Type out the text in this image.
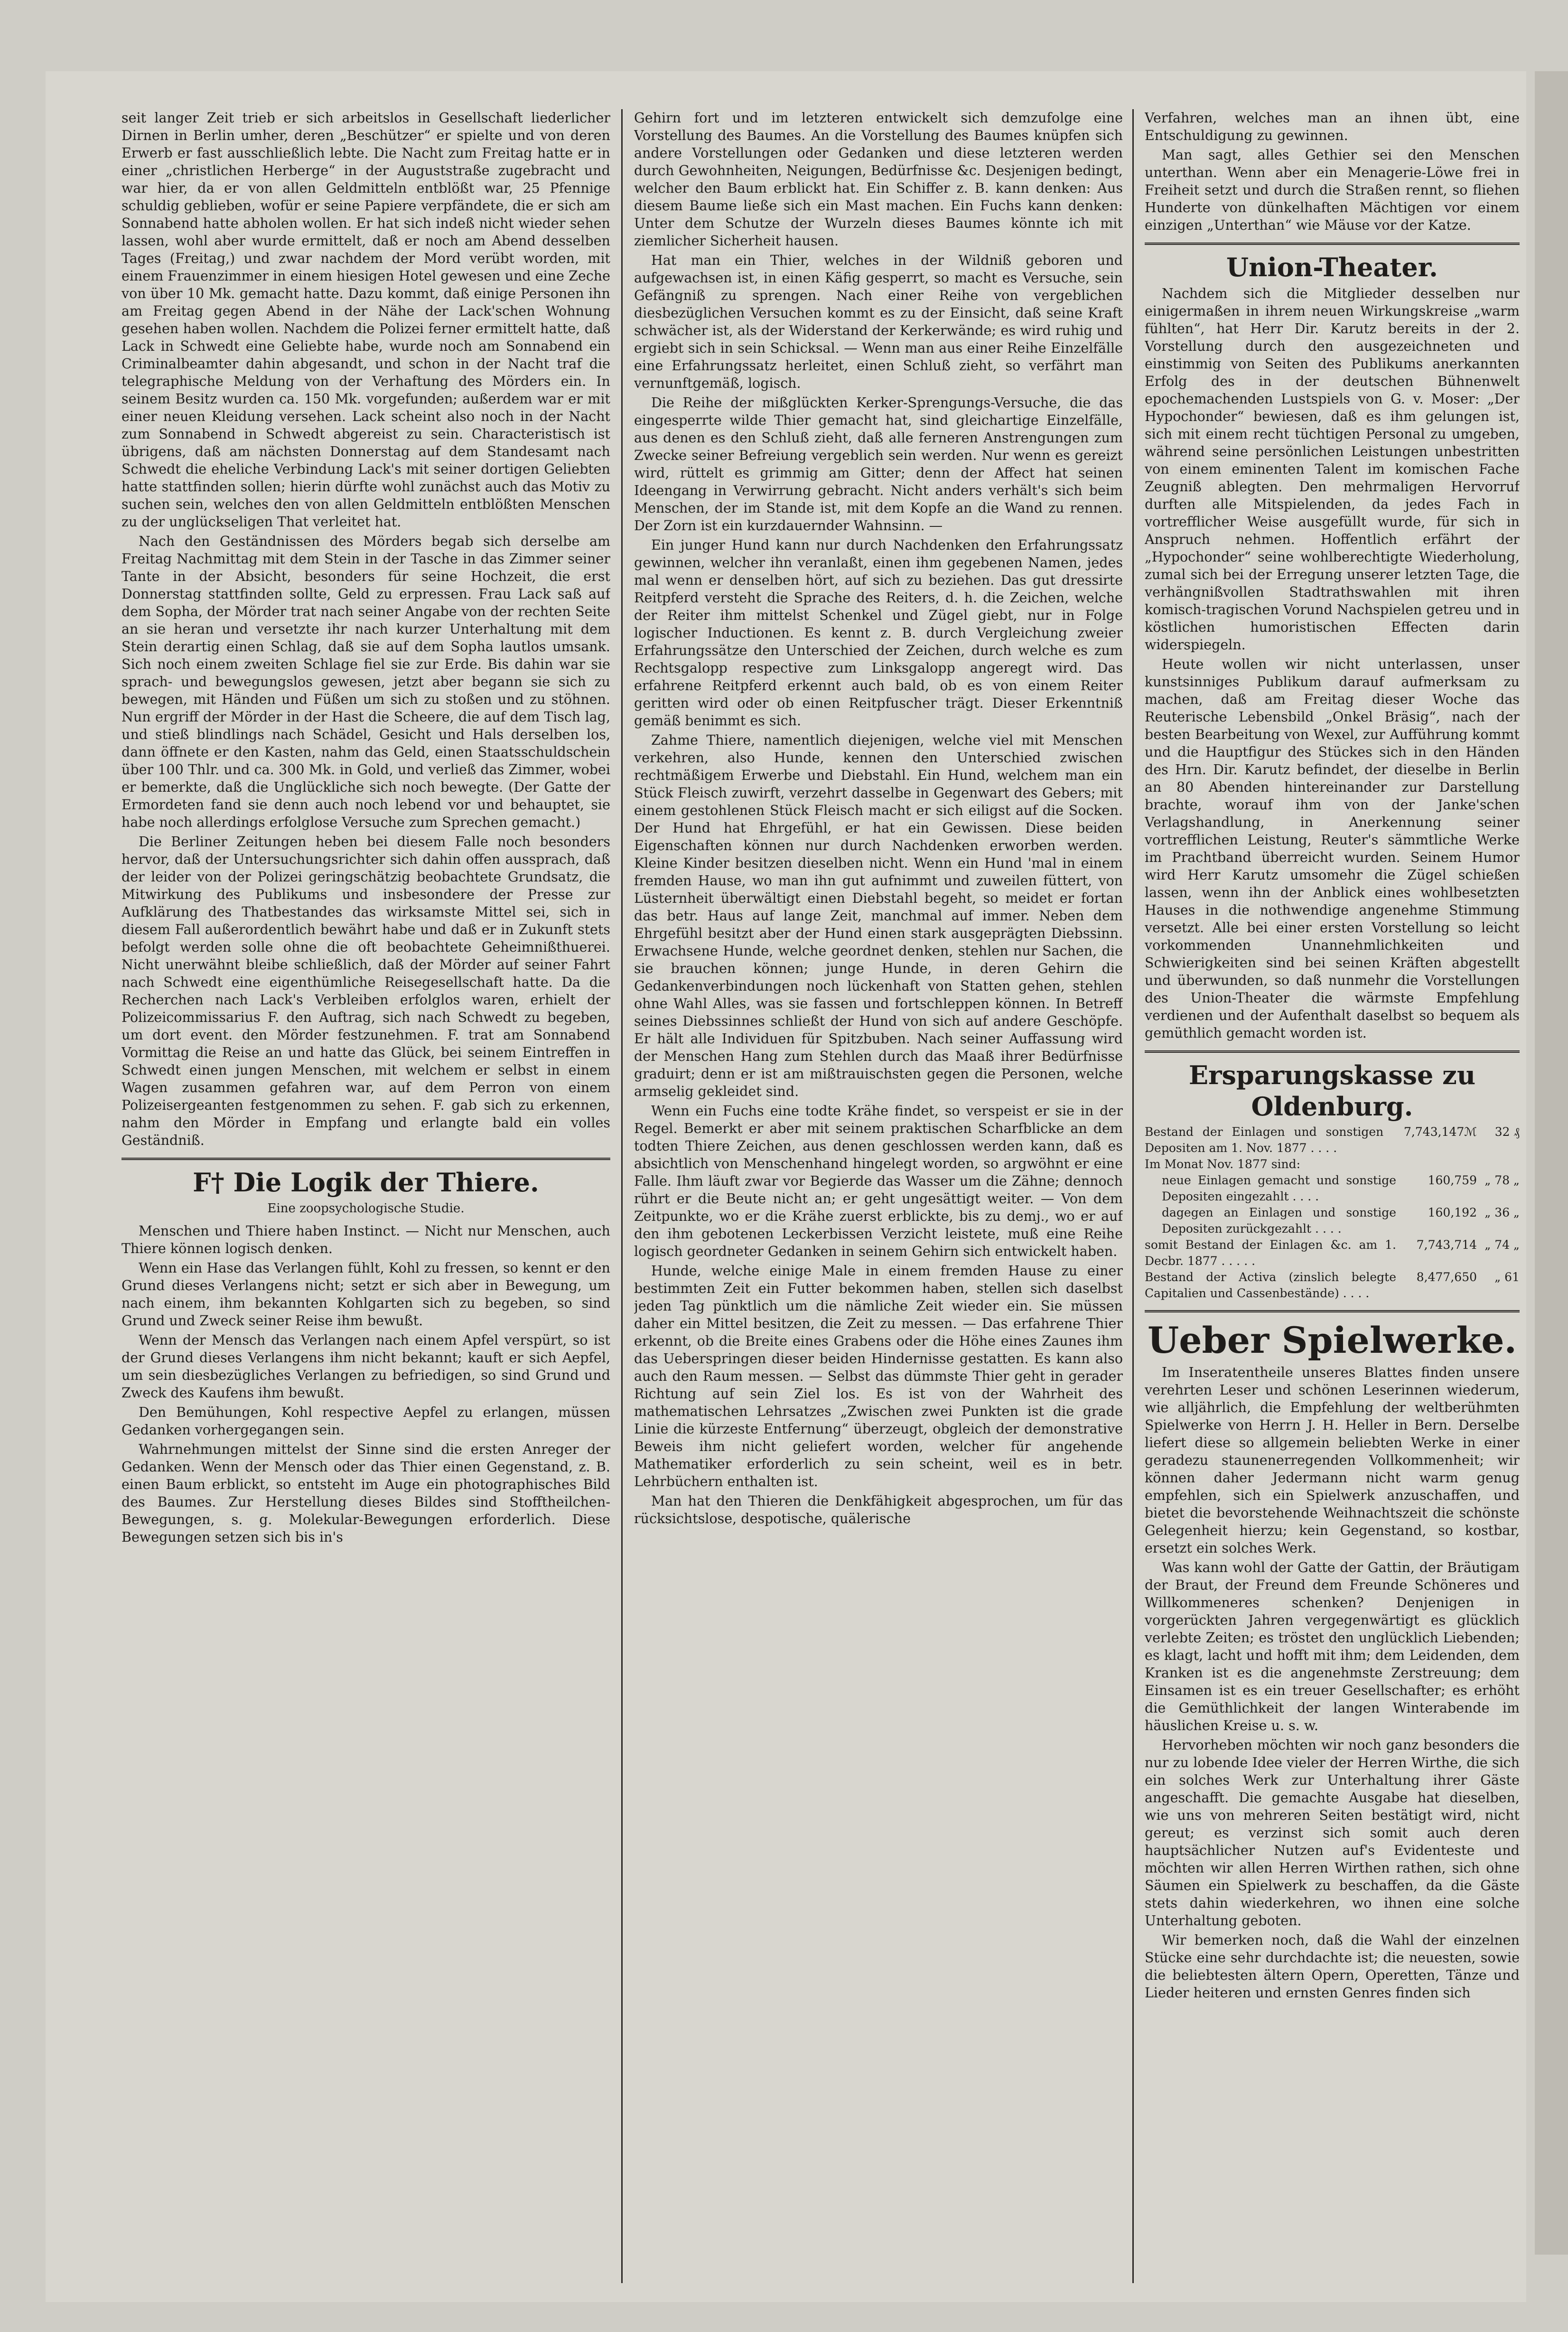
seit langer Zeit trieb er sich arbeitslos in Gesellschaft liederlicher Dirnen in Berlin umher, deren „Beschützer“ er spielte und von deren Erwerb er fast ausschließlich lebte. Die Nacht zum Freitag hatte er in einer „christlichen Herberge“ in der Auguststraße zugebracht und war hier, da er von allen Geldmitteln entblößt war, 25 Pfennige schuldig geblieben, wofür er seine Papiere verpfändete, die er sich am Sonnabend hatte abholen wollen. Er hat sich indeß nicht wieder sehen lassen, wohl aber wurde ermittelt, daß er noch am Abend desselben Tages (Freitag,) und zwar nachdem der Mord verübt worden, mit einem Frauenzimmer in einem hiesigen Hotel gewesen und eine Zeche von über 10 Mk. gemacht hatte. Dazu kommt, daß einige Personen ihn am Freitag gegen Abend in der Nähe der Lack'schen Wohnung gesehen haben wollen. Nachdem die Polizei ferner ermittelt hatte, daß Lack in Schwedt eine Geliebte habe, wurde noch am Sonnabend ein Criminalbeamter dahin abgesandt, und schon in der Nacht traf die telegraphische Meldung von der Verhaftung des Mörders ein. In seinem Besitz wurden ca. 150 Mk. vorgefunden; außerdem war er mit einer neuen Kleidung versehen. Lack scheint also noch in der Nacht zum Sonnabend in Schwedt abgereist zu sein. Characteristisch ist übrigens, daß am nächsten Donnerstag auf dem Standesamt nach Schwedt die eheliche Verbindung Lack's mit seiner dortigen Geliebten hatte stattfinden sollen; hierin dürfte wohl zunächst auch das Motiv zu suchen sein, welches den von allen Geldmitteln entblößten Menschen zu der unglückseligen That verleitet hat.

Nach den Geständnissen des Mörders begab sich derselbe am Freitag Nachmittag mit dem Stein in der Tasche in das Zimmer seiner Tante in der Absicht, besonders für seine Hochzeit, die erst Donnerstag stattfinden sollte, Geld zu erpressen. Frau Lack saß auf dem Sopha, der Mörder trat nach seiner Angabe von der rechten Seite an sie heran und versetzte ihr nach kurzer Unterhaltung mit dem Stein derartig einen Schlag, daß sie auf dem Sopha lautlos umsank. Sich noch einem zweiten Schlage fiel sie zur Erde. Bis dahin war sie sprach- und bewegungslos gewesen, jetzt aber begann sie sich zu bewegen, mit Händen und Füßen um sich zu stoßen und zu stöhnen. Nun ergriff der Mörder in der Hast die Scheere, die auf dem Tisch lag, und stieß blindlings nach Schädel, Gesicht und Hals derselben los, dann öffnete er den Kasten, nahm das Geld, einen Staatsschuldschein über 100 Thlr. und ca. 300 Mk. in Gold, und verließ das Zimmer, wobei er bemerkte, daß die Unglückliche sich noch bewegte. (Der Gatte der Ermordeten fand sie denn auch noch lebend vor und behauptet, sie habe noch allerdings erfolglose Versuche zum Sprechen gemacht.)

Die Berliner Zeitungen heben bei diesem Falle noch besonders hervor, daß der Untersuchungsrichter sich dahin offen aussprach, daß der leider von der Polizei geringschätzig beobachtete Grundsatz, die Mitwirkung des Publikums und insbesondere der Presse zur Aufklärung des Thatbestandes das wirksamste Mittel sei, sich in diesem Fall außerordentlich bewährt habe und daß er in Zukunft stets befolgt werden solle ohne die oft beobachtete Geheimnißthuerei. Nicht unerwähnt bleibe schließlich, daß der Mörder auf seiner Fahrt nach Schwedt eine eigenthümliche Reisegesellschaft hatte. Da die Recherchen nach Lack's Verbleiben erfolglos waren, erhielt der Polizeicommissarius F. den Auftrag, sich nach Schwedt zu begeben, um dort event. den Mörder festzunehmen. F. trat am Sonnabend Vormittag die Reise an und hatte das Glück, bei seinem Eintreffen in Schwedt einen jungen Menschen, mit welchem er selbst in einem Wagen zusammen gefahren war, auf dem Perron von einem Polizeisergeanten festgenommen zu sehen. F. gab sich zu erkennen, nahm den Mörder in Empfang und erlangte bald ein volles Geständniß.

F† Die Logik der Thiere.
Eine zoopsychologische Studie.

Menschen und Thiere haben Instinct. — Nicht nur Menschen, auch Thiere können logisch denken.

Wenn ein Hase das Verlangen fühlt, Kohl zu fressen, so kennt er den Grund dieses Verlangens nicht; setzt er sich aber in Bewegung, um nach einem, ihm bekannten Kohlgarten sich zu begeben, so sind Grund und Zweck seiner Reise ihm bewußt.

Wenn der Mensch das Verlangen nach einem Apfel verspürt, so ist der Grund dieses Verlangens ihm nicht bekannt; kauft er sich Aepfel, um sein diesbezügliches Verlangen zu befriedigen, so sind Grund und Zweck des Kaufens ihm bewußt.

Den Bemühungen, Kohl respective Aepfel zu erlangen, müssen Gedanken vorhergegangen sein.

Wahrnehmungen mittelst der Sinne sind die ersten Anreger der Gedanken. Wenn der Mensch oder das Thier einen Gegenstand, z. B. einen Baum erblickt, so entsteht im Auge ein photographisches Bild des Baumes. Zur Herstellung dieses Bildes sind Stofftheilchen-Bewegungen, s. g. Molekular-Bewegungen erforderlich. Diese Bewegungen setzen sich bis in's

Gehirn fort und im letzteren entwickelt sich demzufolge eine Vorstellung des Baumes. An die Vorstellung des Baumes knüpfen sich andere Vorstellungen oder Gedanken und diese letzteren werden durch Gewohnheiten, Neigungen, Bedürfnisse &c. Desjenigen bedingt, welcher den Baum erblickt hat. Ein Schiffer z. B. kann denken: Aus diesem Baume ließe sich ein Mast machen. Ein Fuchs kann denken: Unter dem Schutze der Wurzeln dieses Baumes könnte ich mit ziemlicher Sicherheit hausen.

Hat man ein Thier, welches in der Wildniß geboren und aufgewachsen ist, in einen Käfig gesperrt, so macht es Versuche, sein Gefängniß zu sprengen. Nach einer Reihe von vergeblichen diesbezüglichen Versuchen kommt es zu der Einsicht, daß seine Kraft schwächer ist, als der Widerstand der Kerkerwände; es wird ruhig und ergiebt sich in sein Schicksal. — Wenn man aus einer Reihe Einzelfälle eine Erfahrungssatz herleitet, einen Schluß zieht, so verfährt man vernunftgemäß, logisch.

Die Reihe der mißglückten Kerker-Sprengungs-Versuche, die das eingesperrte wilde Thier gemacht hat, sind gleichartige Einzelfälle, aus denen es den Schluß zieht, daß alle ferneren Anstrengungen zum Zwecke seiner Befreiung vergeblich sein werden. Nur wenn es gereizt wird, rüttelt es grimmig am Gitter; denn der Affect hat seinen Ideengang in Verwirrung gebracht. Nicht anders verhält's sich beim Menschen, der im Stande ist, mit dem Kopfe an die Wand zu rennen. Der Zorn ist ein kurzdauernder Wahnsinn. —

Ein junger Hund kann nur durch Nachdenken den Erfahrungssatz gewinnen, welcher ihn veranlaßt, einen ihm gegebenen Namen, jedes mal wenn er denselben hört, auf sich zu beziehen. Das gut dressirte Reitpferd versteht die Sprache des Reiters, d. h. die Zeichen, welche der Reiter ihm mittelst Schenkel und Zügel giebt, nur in Folge logischer Inductionen. Es kennt z. B. durch Vergleichung zweier Erfahrungssätze den Unterschied der Zeichen, durch welche es zum Rechtsgalopp respective zum Linksgalopp angeregt wird. Das erfahrene Reitpferd erkennt auch bald, ob es von einem Reiter geritten wird oder ob einen Reitpfuscher trägt. Dieser Erkenntniß gemäß benimmt es sich.

Zahme Thiere, namentlich diejenigen, welche viel mit Menschen verkehren, also Hunde, kennen den Unterschied zwischen rechtmäßigem Erwerbe und Diebstahl. Ein Hund, welchem man ein Stück Fleisch zuwirft, verzehrt dasselbe in Gegenwart des Gebers; mit einem gestohlenen Stück Fleisch macht er sich eiligst auf die Socken. Der Hund hat Ehrgefühl, er hat ein Gewissen. Diese beiden Eigenschaften können nur durch Nachdenken erworben werden. Kleine Kinder besitzen dieselben nicht. Wenn ein Hund 'mal in einem fremden Hause, wo man ihn gut aufnimmt und zuweilen füttert, von Lüsternheit überwältigt einen Diebstahl begeht, so meidet er fortan das betr. Haus auf lange Zeit, manchmal auf immer. Neben dem Ehrgefühl besitzt aber der Hund einen stark ausgeprägten Diebssinn. Erwachsene Hunde, welche geordnet denken, stehlen nur Sachen, die sie brauchen können; junge Hunde, in deren Gehirn die Gedankenverbindungen noch lückenhaft von Statten gehen, stehlen ohne Wahl Alles, was sie fassen und fortschleppen können. In Betreff seines Diebssinnes schließt der Hund von sich auf andere Geschöpfe. Er hält alle Individuen für Spitzbuben. Nach seiner Auffassung wird der Menschen Hang zum Stehlen durch das Maaß ihrer Bedürfnisse graduirt; denn er ist am mißtrauischsten gegen die Personen, welche armselig gekleidet sind.

Wenn ein Fuchs eine todte Krähe findet, so verspeist er sie in der Regel. Bemerkt er aber mit seinem praktischen Scharfblicke an dem todten Thiere Zeichen, aus denen geschlossen werden kann, daß es absichtlich von Menschenhand hingelegt worden, so argwöhnt er eine Falle. Ihm läuft zwar vor Begierde das Wasser um die Zähne; dennoch rührt er die Beute nicht an; er geht ungesättigt weiter. — Von dem Zeitpunkte, wo er die Krähe zuerst erblickte, bis zu demj., wo er auf den ihm gebotenen Leckerbissen Verzicht leistete, muß eine Reihe logisch geordneter Gedanken in seinem Gehirn sich entwickelt haben.

Hunde, welche einige Male in einem fremden Hause zu einer bestimmten Zeit ein Futter bekommen haben, stellen sich daselbst jeden Tag pünktlich um die nämliche Zeit wieder ein. Sie müssen daher ein Mittel besitzen, die Zeit zu messen. — Das erfahrene Thier erkennt, ob die Breite eines Grabens oder die Höhe eines Zaunes ihm das Ueberspringen dieser beiden Hindernisse gestatten. Es kann also auch den Raum messen. — Selbst das dümmste Thier geht in gerader Richtung auf sein Ziel los. Es ist von der Wahrheit des mathematischen Lehrsatzes „Zwischen zwei Punkten ist die grade Linie die kürzeste Entfernung“ überzeugt, obgleich der demonstrative Beweis ihm nicht geliefert worden, welcher für angehende Mathematiker erforderlich zu sein scheint, weil es in betr. Lehrbüchern enthalten ist.

Man hat den Thieren die Denkfähigkeit abgesprochen, um für das rücksichtslose, despotische, quälerische

Verfahren, welches man an ihnen übt, eine Entschuldigung zu gewinnen.

Man sagt, alles Gethier sei den Menschen unterthan. Wenn aber ein Menagerie-Löwe frei in Freiheit setzt und durch die Straßen rennt, so fliehen Hunderte von dünkelhaften Mächtigen vor einem einzigen „Unterthan“ wie Mäuse vor der Katze.

Union-Theater.

Nachdem sich die Mitglieder desselben nur einigermaßen in ihrem neuen Wirkungskreise „warm fühlten“, hat Herr Dir. Karutz bereits in der 2. Vorstellung durch den ausgezeichneten und einstimmig von Seiten des Publikums anerkannten Erfolg des in der deutschen Bühnenwelt epochemachenden Lustspiels von G. v. Moser: „Der Hypochonder“ bewiesen, daß es ihm gelungen ist, sich mit einem recht tüchtigen Personal zu umgeben, während seine persönlichen Leistungen unbestritten von einem eminenten Talent im komischen Fache Zeugniß ablegten. Den mehrmaligen Hervorruf durften alle Mitspielenden, da jedes Fach in vortrefflicher Weise ausgefüllt wurde, für sich in Anspruch nehmen. Hoffentlich erfährt der „Hypochonder“ seine wohlberechtigte Wiederholung, zumal sich bei der Erregung unserer letzten Tage, die verhängnißvollen Stadtrathswahlen mit ihren komisch-tragischen Vorund Nachspielen getreu und in köstlichen humoristischen Effecten darin widerspiegeln.

Heute wollen wir nicht unterlassen, unser kunstsinniges Publikum darauf aufmerksam zu machen, daß am Freitag dieser Woche das Reuterische Lebensbild „Onkel Bräsig“, nach der besten Bearbeitung von Wexel, zur Aufführung kommt und die Hauptfigur des Stückes sich in den Händen des Hrn. Dir. Karutz befindet, der dieselbe in Berlin an 80 Abenden hintereinander zur Darstellung brachte, worauf ihm von der Janke'schen Verlagshandlung, in Anerkennung seiner vortrefflichen Leistung, Reuter's sämmtliche Werke im Prachtband überreicht wurden. Seinem Humor wird Herr Karutz umsomehr die Zügel schießen lassen, wenn ihn der Anblick eines wohlbesetzten Hauses in die nothwendige angenehme Stimmung versetzt. Alle bei einer ersten Vorstellung so leicht vorkommenden Unannehmlichkeiten und Schwierigkeiten sind bei seinen Kräften abgestellt und überwunden, so daß nunmehr die Vorstellungen des Union-Theater die wärmste Empfehlung verdienen und der Aufenthalt daselbst so bequem als gemüthlich gemacht worden ist.

Ersparungskasse zu Oldenburg.
Bestand der Einlagen und sonstigen Depositen am 1. Nov. 1877 . . . .
7,743,147 ℳ	32 ₰
Im Monat Nov. 1877 sind:
neue Einlagen gemacht und sonstige Depositen eingezahlt . . . .
160,759 „ 78 „
dagegen an Einlagen und sonstige Depositen zurückgezahlt . . . .
160,192 „ 36 „
somit Bestand der Einlagen &c. am 1. Decbr. 1877 . . . . .
7,743,714 „ 74 „
Bestand der Activa (zinslich belegte Capitalien und Cassenbestände) . . . .
8,477,650	„ 61
Ueber Spielwerke.

Im Inseratentheile unseres Blattes finden unsere verehrten Leser und schönen Leserinnen wiederum, wie alljährlich, die Empfehlung der weltberühmten Spielwerke von Herrn J. H. Heller in Bern. Derselbe liefert diese so allgemein beliebten Werke in einer geradezu staunenerregenden Vollkommenheit; wir können daher Jedermann nicht warm genug empfehlen, sich ein Spielwerk anzuschaffen, und bietet die bevorstehende Weihnachtszeit die schönste Gelegenheit hierzu; kein Gegenstand, so kostbar, ersetzt ein solches Werk.

Was kann wohl der Gatte der Gattin, der Bräutigam der Braut, der Freund dem Freunde Schöneres und Willkommeneres schenken? Denjenigen in vorgerückten Jahren vergegenwärtigt es glücklich verlebte Zeiten; es tröstet den unglücklich Liebenden; es klagt, lacht und hofft mit ihm; dem Leidenden, dem Kranken ist es die angenehmste Zerstreuung; dem Einsamen ist es ein treuer Gesellschafter; es erhöht die Gemüthlichkeit der langen Winterabende im häuslichen Kreise u. s. w.

Hervorheben möchten wir noch ganz besonders die nur zu lobende Idee vieler der Herren Wirthe, die sich ein solches Werk zur Unterhaltung ihrer Gäste angeschafft. Die gemachte Ausgabe hat dieselben, wie uns von mehreren Seiten bestätigt wird, nicht gereut; es verzinst sich somit auch deren hauptsächlicher Nutzen auf's Evidenteste und möchten wir allen Herren Wirthen rathen, sich ohne Säumen ein Spielwerk zu beschaffen, da die Gäste stets dahin wiederkehren, wo ihnen eine solche Unterhaltung geboten.

Wir bemerken noch, daß die Wahl der einzelnen Stücke eine sehr durchdachte ist; die neuesten, sowie die beliebtesten ältern Opern, Operetten, Tänze und Lieder heiteren und ernsten Genres finden sich
